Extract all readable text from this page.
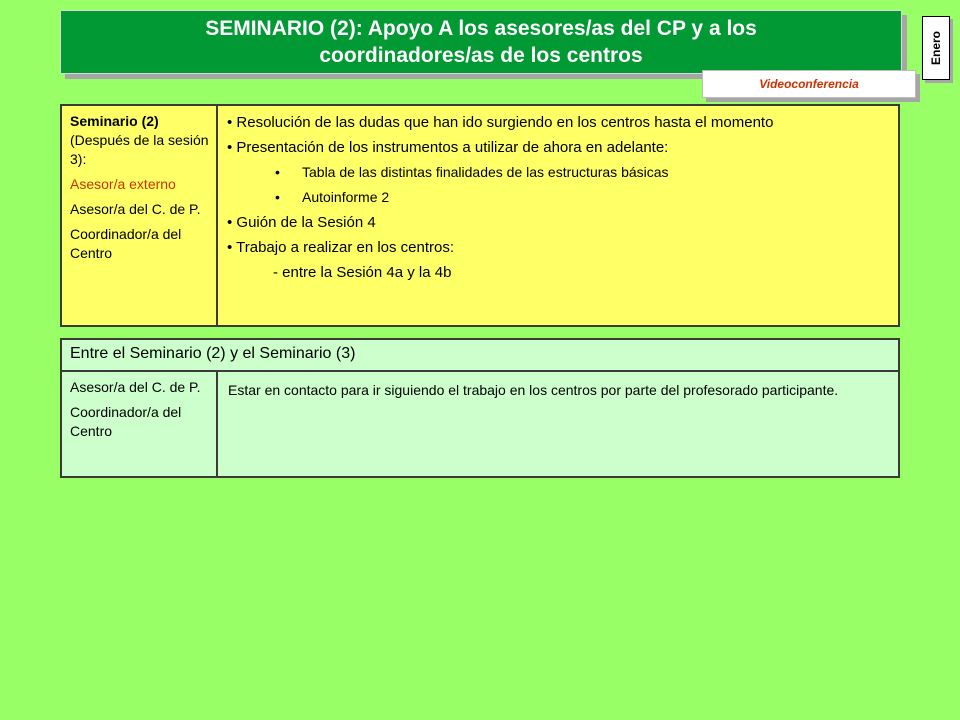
SEMINARIO (2): Apoyo A los asesores/as del CP y a los
coordinadores/as de los centros	Enero
Videoconferencia

Seminario (2)
(Después de la sesión 3):

Asesor/a externo

Asesor/a del C. de P.

Coordinador/a del Centro

• Resolución de las dudas que han ido surgiendo en los centros hasta el momento

• Presentación de los instrumentos a utilizar de ahora en adelante:

• Tabla de las distintas finalidades de las estructuras básicas

• Autoinforme 2

• Guión de la Sesión 4

• Trabajo a realizar en los centros:

- entre la Sesión 4a y la 4b

Entre el Seminario (2) y el Seminario (3)

Asesor/a del C. de P.

Coordinador/a del Centro

Estar en contacto para ir siguiendo el trabajo en los centros por parte del profesorado participante.
